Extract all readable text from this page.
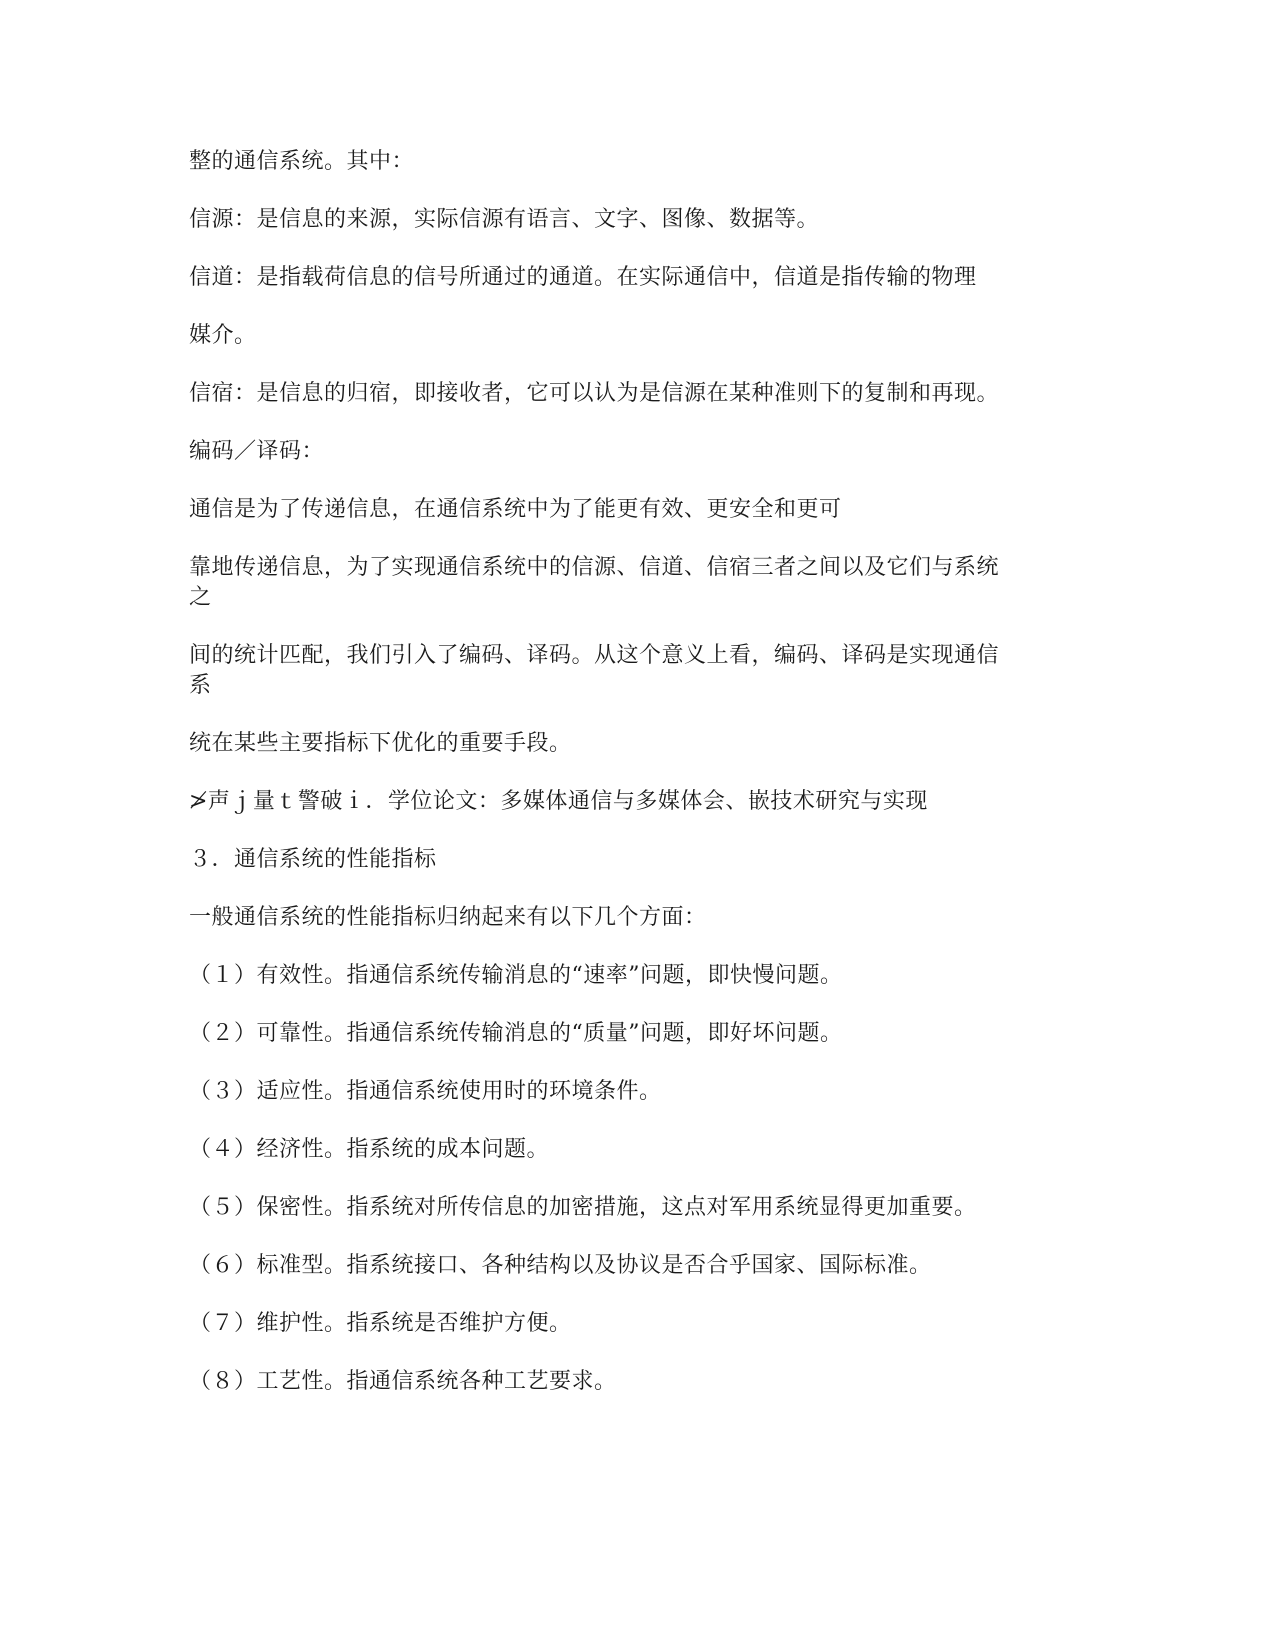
整的通信系统。其中：
信源：是信息的来源，实际信源有语言、文字、图像、数据等。
信道：是指载荷信息的信号所通过的通道。在实际通信中，信道是指传输的物理
媒介。
信宿：是信息的归宿，即接收者，它可以认为是信源在某种准则下的复制和再现。
编码／译码：
通信是为了传递信息，在通信系统中为了能更有效、更安全和更可
靠地传递信息，为了实现通信系统中的信源、信道、信宿三者之间以及它们与系统
之
间的统计匹配，我们引入了编码、译码。从这个意义上看，编码、译码是实现通信
系
统在某些主要指标下优化的重要手段。
≯声ｊ量ｔ警破ｉ．学位论文：多媒体通信与多媒体会、嵌技术研究与实现
３．通信系统的性能指标
一般通信系统的性能指标归纳起来有以下几个方面：
（１）有效性。指通信系统传输消息的“速率”问题，即快慢问题。
（２）可靠性。指通信系统传输消息的“质量”问题，即好坏问题。
（３）适应性。指通信系统使用时的环境条件。
（４）经济性。指系统的成本问题。
（５）保密性。指系统对所传信息的加密措施，这点对军用系统显得更加重要。
（６）标准型。指系统接口、各种结构以及协议是否合乎国家、国际标准。
（７）维护性。指系统是否维护方便。
（８）工艺性。指通信系统各种工艺要求。
